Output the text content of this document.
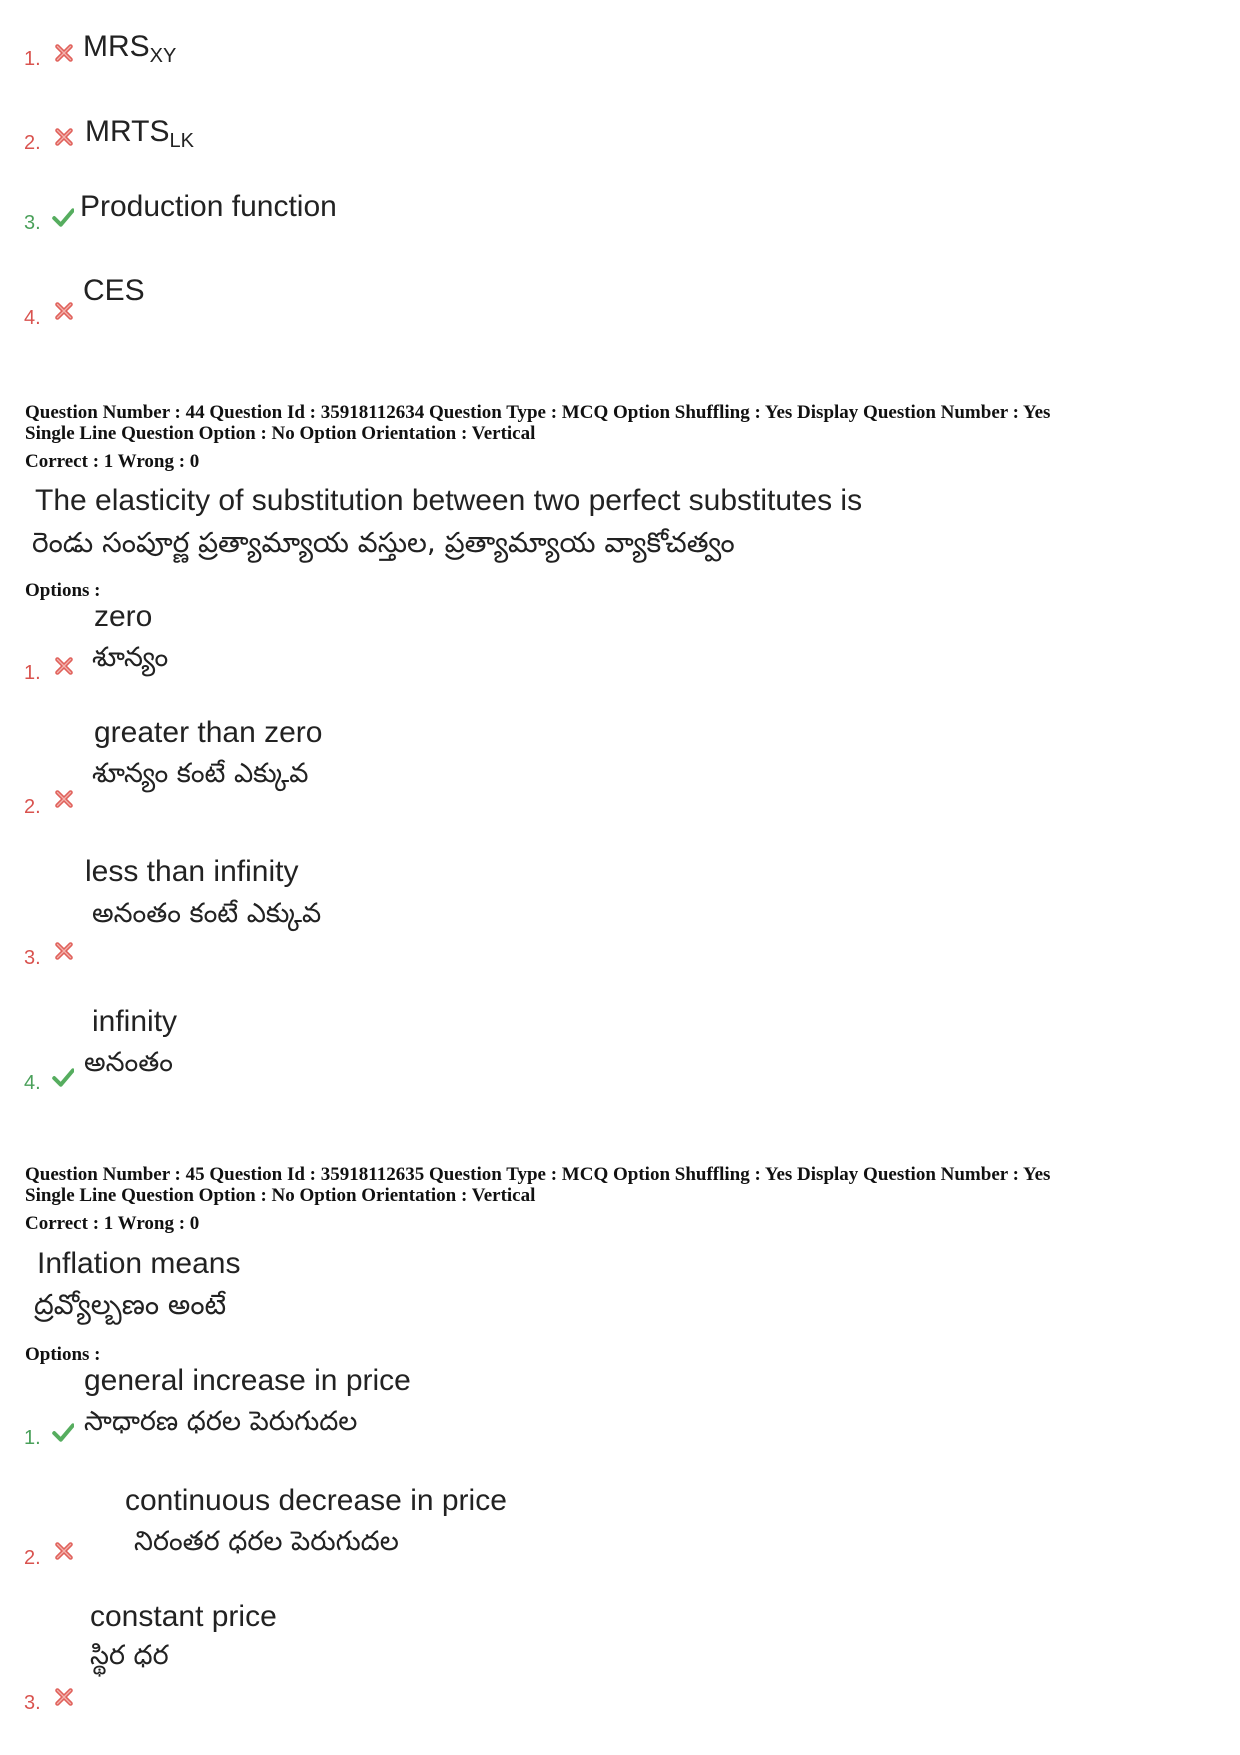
1. $MRS_{XY}$
2. $MRTS_{LK}$
3. Production function
4.
CES
Question Number : 44 Question Id : 35918112634 Question Type : MCQ Option Shuffling : Yes Display Question Number : Yes
Single Line Question Option : No Option Orientation : Vertical
Correct : 1 Wrong : 0
The elasticity of substitution between two perfect substitutes is
రెండు సంపూర్ణ ప్రత్యామ్యాయ వస్తుల, ప్రత్యామ్యాయ వ్యాకోచత్వం
Options :
zero
శూన్యం
1.
greater than zero
శూన్యం కంటే ఎక్కువ
2.
less than infinity
అనంతం కంటే ఎక్కువ
3.
infinity
అనంతం
4.
Question Number : 45 Question Id : 35918112635 Question Type : MCQ Option Shuffling : Yes Display Question Number : Yes
Single Line Question Option : No Option Orientation : Vertical
Correct : 1 Wrong : 0
Inflation means
ద్రవ్యోల్బణం అంటే
Options :
general increase in price
సాధారణ ధరల పెరుగుదల
1.
continuous decrease in price
నిరంతర ధరల పెరుగుదల
2.
constant price
స్థిర ధర
3.
